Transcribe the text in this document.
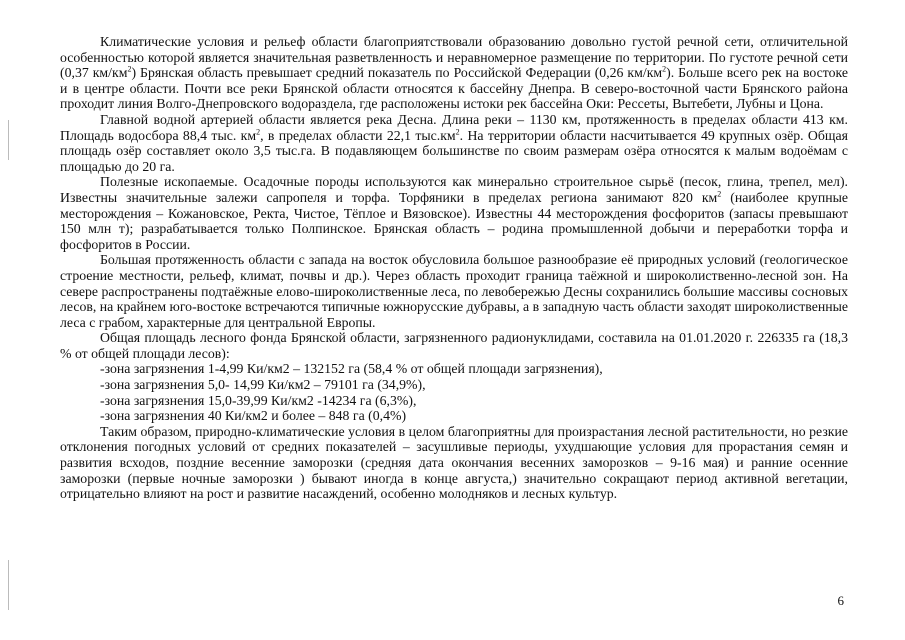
Климатические условия и рельеф области благоприятствовали образованию довольно густой речной сети, отличительной особенностью которой является значительная разветвленность и неравномерное размещение по территории. По густоте речной сети (0,37 $км/км^2$) Брянская область превышает средний показатель по Российской Федерации (0,26 $км/км^2$). Больше всего рек на востоке и в центре области. Почти все реки Брянской области относятся к бассейну Днепра. В северо-восточной части Брянского района проходит линия Волго-Днепровского водораздела, где расположены истоки рек бассейна Оки: Рессеты, Вытебети, Лубны и Цона.

Главной водной артерией области является река Десна. Длина реки – 1130 км, протяженность в пределах области 413 км. Площадь водосбора 88,4 тыс. $км^2$, в пределах области 22,1 $тыс.км^2$. На территории области насчитывается 49 крупных озёр. Общая площадь озёр составляет около 3,5 тыс.га. В подавляющем большинстве по своим размерам озёра относятся к малым водоёмам с площадью до 20 га.

Полезные ископаемые. Осадочные породы используются как минерально строительное сырьё (песок, глина, трепел, мел). Известны значительные залежи сапропеля и торфа. Торфяники в пределах региона занимают 820 $км^2$ (наиболее крупные месторождения – Кожановское, Ректа, Чистое, Тёплое и Вязовское). Известны 44 месторождения фосфоритов (запасы превышают 150 млн т); разрабатывается только Полпинское. Брянская область – родина промышленной добычи и переработки торфа и фосфоритов в России.

Большая протяженность области с запада на восток обусловила большое разнообразие её природных условий (геологическое строение местности, рельеф, климат, почвы и др.). Через область проходит граница таёжной и широколиственно-лесной зон. На севере распространены подтаёжные елово-широколиственные леса, по левобережью Десны сохранились большие массивы сосновых лесов, на крайнем юго-востоке встречаются типичные южнорусские дубравы, а в западную часть области заходят широколиственные леса с грабом, характерные для центральной Европы.

Общая площадь лесного фонда Брянской области, загрязненного радионуклидами, составила на 01.01.2020 г. 226335 га (18,3 % от общей площади лесов):

-зона загрязнения 1-4,99 Ки/км2 – 132152 га (58,4 % от общей площади загрязнения),
-зона загрязнения 5,0- 14,99 Ки/км2 – 79101 га (34,9%),
-зона загрязнения 15,0-39,99 Ки/км2 -14234 га (6,3%),
-зона загрязнения 40 Ки/км2 и более – 848 га (0,4%)

Таким образом, природно-климатические условия в целом благоприятны для произрастания лесной растительности, но резкие отклонения погодных условий от средних показателей – засушливые периоды, ухудшающие условия для прорастания семян и развития всходов, поздние весенние заморозки (средняя дата окончания весенних заморозков – 9-16 мая) и ранние осенние заморозки (первые ночные заморозки ) бывают иногда в конце августа,) значительно сокращают период активной вегетации, отрицательно влияют на рост и развитие насаждений, особенно молодняков и лесных культур.

6
